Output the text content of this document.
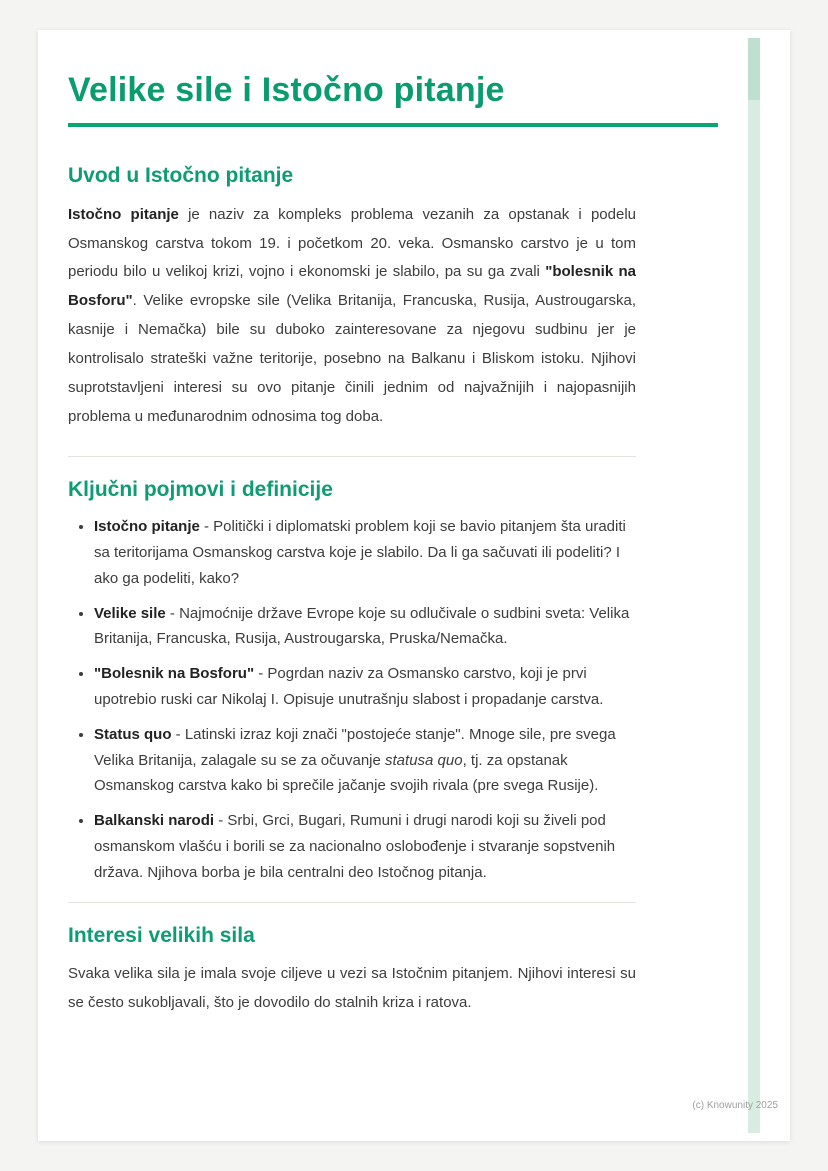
Velike sile i Istočno pitanje
Uvod u Istočno pitanje

Istočno pitanje je naziv za kompleks problema vezanih za opstanak i podelu Osmanskog carstva tokom 19. i početkom 20. veka. Osmansko carstvo je u tom periodu bilo u velikoj krizi, vojno i ekonomski je slabilo, pa su ga zvali "bolesnik na Bosforu". Velike evropske sile (Velika Britanija, Francuska, Rusija, Austrougarska, kasnije i Nemačka) bile su duboko zainteresovane za njegovu sudbinu jer je kontrolisalo strateški važne teritorije, posebno na Balkanu i Bliskom istoku. Njihovi suprotstavljeni interesi su ovo pitanje činili jednim od najvažnijih i najopasnijih problema u međunarodnim odnosima tog doba.

Ključni pojmovi i definicije
• Istočno pitanje - Politički i diplomatski problem koji se bavio pitanjem šta uraditi sa teritorijama Osmanskog carstva koje je slabilo. Da li ga sačuvati ili podeliti? I ako ga podeliti, kako?
• Velike sile - Najmoćnije države Evrope koje su odlučivale o sudbini sveta: Velika Britanija, Francuska, Rusija, Austrougarska, Pruska/Nemačka.
• "Bolesnik na Bosforu" - Pogrdan naziv za Osmansko carstvo, koji je prvi upotrebio ruski car Nikolaj I. Opisuje unutrašnju slabost i propadanje carstva.
• Status quo - Latinski izraz koji znači "postojeće stanje". Mnoge sile, pre svega Velika Britanija, zalagale su se za očuvanje statusa quo, tj. za opstanak Osmanskog carstva kako bi sprečile jačanje svojih rivala (pre svega Rusije).
• Balkanski narodi - Srbi, Grci, Bugari, Rumuni i drugi narodi koji su živeli pod osmanskom vlašću i borili se za nacionalno oslobođenje i stvaranje sopstvenih država. Njihova borba je bila centralni deo Istočnog pitanja.
Interesi velikih sila

Svaka velika sila je imala svoje ciljeve u vezi sa Istočnim pitanjem. Njihovi interesi su se često sukobljavali, što je dovodilo do stalnih kriza i ratova.

(c) Knowunity 2025
